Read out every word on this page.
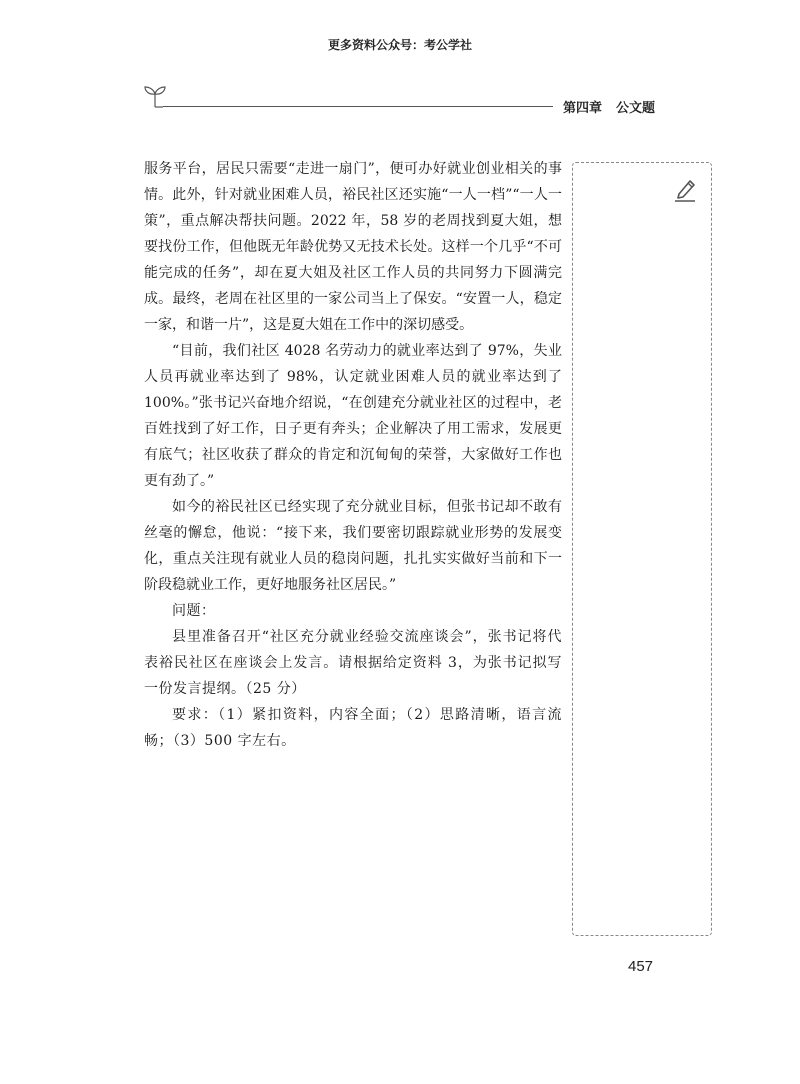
更多资料公众号：考公学社
第四章 公文题

服务平台，居民只需要“走进一扇门”，便可办好就业创业相关的事情。此外，针对就业困难人员，裕民社区还实施“一人一档”“一人一策”，重点解决帮扶问题。2022 年，58 岁的老周找到夏大姐，想要找份工作，但他既无年龄优势又无技术长处。这样一个几乎“不可能完成的任务”，却在夏大姐及社区工作人员的共同努力下圆满完成。最终，老周在社区里的一家公司当上了保安。“安置一人，稳定一家，和谐一片”，这是夏大姐在工作中的深切感受。

“目前，我们社区 4028 名劳动力的就业率达到了 97%，失业人员再就业率达到了 98%，认定就业困难人员的就业率达到了 100%。”张书记兴奋地介绍说，“在创建充分就业社区的过程中，老百姓找到了好工作，日子更有奔头；企业解决了用工需求，发展更有底气；社区收获了群众的肯定和沉甸甸的荣誉，大家做好工作也更有劲了。”

如今的裕民社区已经实现了充分就业目标，但张书记却不敢有丝毫的懈怠，他说：“接下来，我们要密切跟踪就业形势的发展变化，重点关注现有就业人员的稳岗问题，扎扎实实做好当前和下一阶段稳就业工作，更好地服务社区居民。”

问题：

县里准备召开“社区充分就业经验交流座谈会”，张书记将代表裕民社区在座谈会上发言。请根据给定资料 3，为张书记拟写一份发言提纲。（25 分）

要求：（1）紧扣资料，内容全面；（2）思路清晰，语言流畅；（3）500 字左右。

457
